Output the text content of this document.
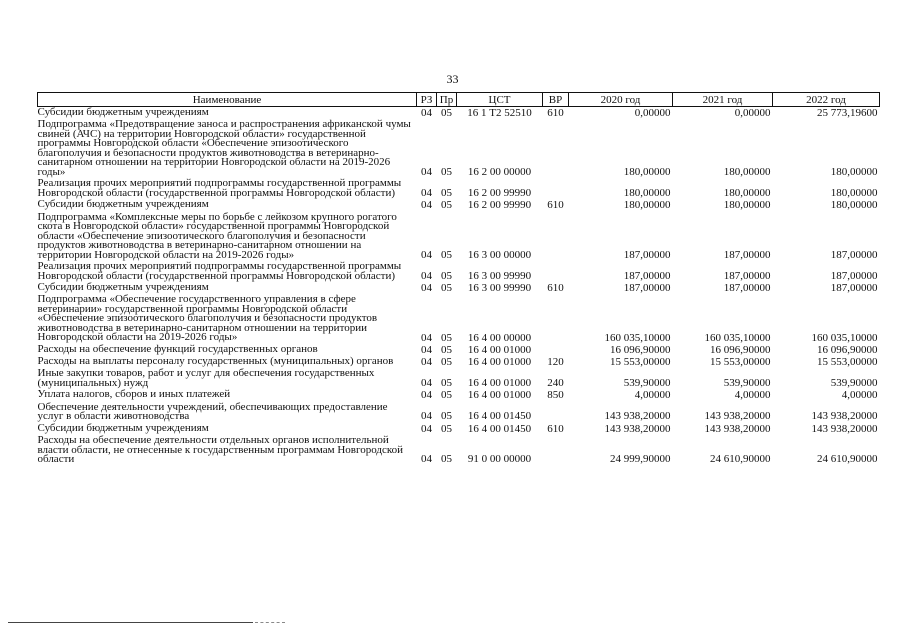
33
Наименование	РЗ	Пр	ЦСТ	ВР	2020 год	2021 год	2022 год
Субсидии бюджетным учреждениям	04	05	16 1 Т2 52510	610	0,00000	0,00000	25 773,19600
Подпрограмма «Предотвращение заноса и распространения африканской чумы свиней (АЧС) на территории Новгородской области» государственной программы Новгородской области «Обеспечение эпизоотического благополучия и безопасности продуктов животноводства в ветеринарно-санитарном отношении на территории Новгородской области на 2019-2026 годы»	04	05	16 2 00 00000		180,00000	180,00000	180,00000
Реализация прочих мероприятий подпрограммы государственной программы Новгородской области (государственной программы Новгородской области)	04	05	16 2 00 99990		180,00000	180,00000	180,00000
Субсидии бюджетным учреждениям	04	05	16 2 00 99990	610	180,00000	180,00000	180,00000
Подпрограмма «Комплексные меры по борьбе с лейкозом крупного рогатого скота в Новгородской области» государственной программы Новгородской области «Обеспечение эпизоотического благополучия и безопасности продуктов животноводства в ветеринарно-санитарном отношении на территории Новгородской области на 2019-2026 годы»	04	05	16 3 00 00000		187,00000	187,00000	187,00000
Реализация прочих мероприятий подпрограммы государственной программы Новгородской области (государственной программы Новгородской области)	04	05	16 3 00 99990		187,00000	187,00000	187,00000
Субсидии бюджетным учреждениям	04	05	16 3 00 99990	610	187,00000	187,00000	187,00000
Подпрограмма «Обеспечение государственного управления в сфере ветеринарии» государственной программы Новгородской области «Обеспечение эпизоотического благополучия и безопасности продуктов животноводства в ветеринарно-санитарном отношении на территории Новгородской области на 2019-2026 годы»	04	05	16 4 00 00000		160 035,10000	160 035,10000	160 035,10000
Расходы на обеспечение функций государственных органов	04	05	16 4 00 01000		16 096,90000	16 096,90000	16 096,90000
Расходы на выплаты персоналу государственных (муниципальных) органов	04	05	16 4 00 01000	120	15 553,00000	15 553,00000	15 553,00000
Иные закупки товаров, работ и услуг для обеспечения государственных (муниципальных) нужд	04	05	16 4 00 01000	240	539,90000	539,90000	539,90000
Уплата налогов, сборов и иных платежей	04	05	16 4 00 01000	850	4,00000	4,00000	4,00000
Обеспечение деятельности учреждений, обеспечивающих предоставление услуг в области животноводства	04	05	16 4 00 01450		143 938,20000	143 938,20000	143 938,20000
Субсидии бюджетным учреждениям	04	05	16 4 00 01450	610	143 938,20000	143 938,20000	143 938,20000
Расходы на обеспечение деятельности отдельных органов исполнительной власти области, не отнесенные к государственным программам Новгородской области	04	05	91 0 00 00000		24 999,90000	24 610,90000	24 610,90000
